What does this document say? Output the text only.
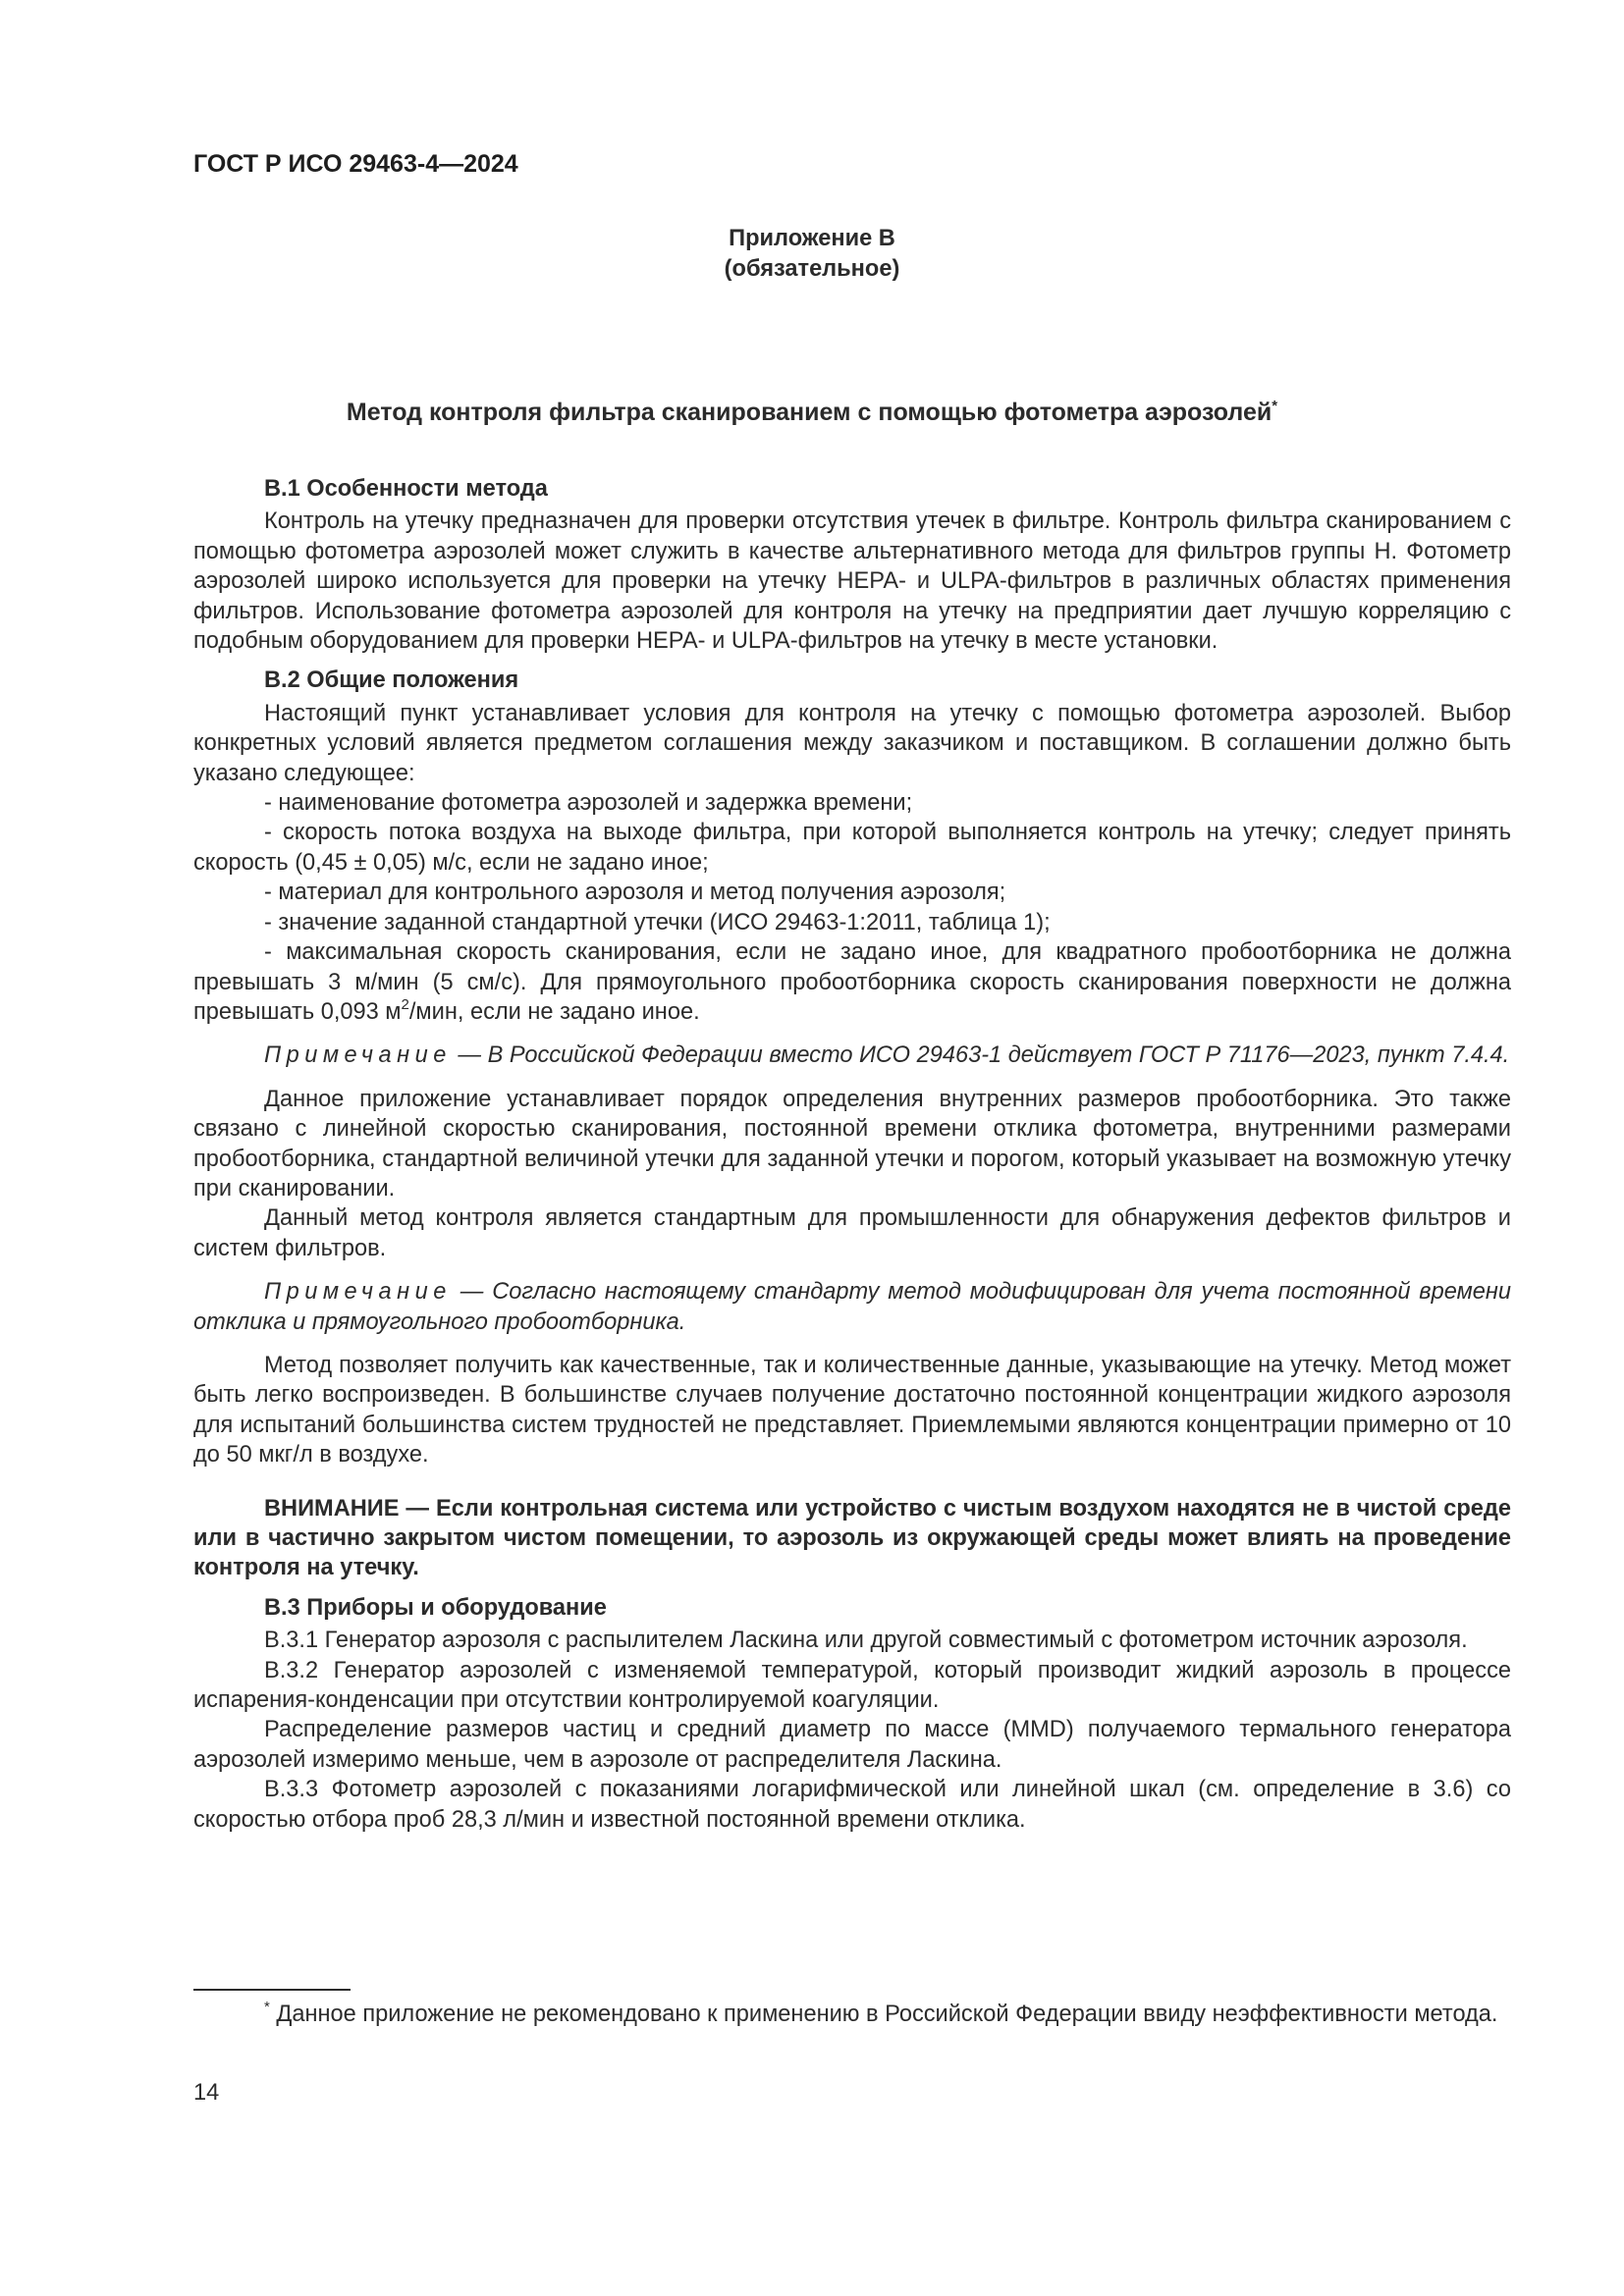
ГОСТ Р ИСО 29463-4—2024
Приложение B
(обязательное)
Метод контроля фильтра сканированием с помощью фотометра аэрозолей*
B.1 Особенности метода

Контроль на утечку предназначен для проверки отсутствия утечек в фильтре. Контроль фильтра сканированием с помощью фотометра аэрозолей может служить в качестве альтернативного метода для фильтров группы Н. Фотометр аэрозолей широко используется для проверки на утечку НЕРА- и ULPA-фильтров в различных областях применения фильтров. Использование фотометра аэрозолей для контроля на утечку на предприятии дает лучшую корреляцию с подобным оборудованием для проверки НЕРА- и ULPA-фильтров на утечку в месте установки.

B.2 Общие положения

Настоящий пункт устанавливает условия для контроля на утечку с помощью фотометра аэрозолей. Выбор конкретных условий является предметом соглашения между заказчиком и поставщиком. В соглашении должно быть указано следующее:

- наименование фотометра аэрозолей и задержка времени;

- скорость потока воздуха на выходе фильтра, при которой выполняется контроль на утечку; следует принять скорость (0,45 ± 0,05) м/с, если не задано иное;

- материал для контрольного аэрозоля и метод получения аэрозоля;

- значение заданной стандартной утечки (ИСО 29463-1:2011, таблица 1);

- максимальная скорость сканирования, если не задано иное, для квадратного пробоотборника не должна превышать 3 м/мин (5 см/с). Для прямоугольного пробоотборника скорость сканирования поверхности не должна превышать 0,093 $м^2$/мин, если не задано иное.

Примечание — В Российской Федерации вместо ИСО 29463-1 действует ГОСТ Р 71176—2023, пункт 7.4.4.

Данное приложение устанавливает порядок определения внутренних размеров пробоотборника. Это также связано с линейной скоростью сканирования, постоянной времени отклика фотометра, внутренними размерами пробоотборника, стандартной величиной утечки для заданной утечки и порогом, который указывает на возможную утечку при сканировании.

Данный метод контроля является стандартным для промышленности для обнаружения дефектов фильтров и систем фильтров.

Примечание — Согласно настоящему стандарту метод модифицирован для учета постоянной времени отклика и прямоугольного пробоотборника.

Метод позволяет получить как качественные, так и количественные данные, указывающие на утечку. Метод может быть легко воспроизведен. В большинстве случаев получение достаточно постоянной концентрации жидкого аэрозоля для испытаний большинства систем трудностей не представляет. Приемлемыми являются концентрации примерно от 10 до 50 мкг/л в воздухе.

ВНИМАНИЕ — Если контрольная система или устройство с чистым воздухом находятся не в чистой среде или в частично закрытом чистом помещении, то аэрозоль из окружающей среды может влиять на проведение контроля на утечку.

B.3 Приборы и оборудование

B.3.1 Генератор аэрозоля с распылителем Ласкина или другой совместимый с фотометром источник аэрозоля.

B.3.2 Генератор аэрозолей с изменяемой температурой, который производит жидкий аэрозоль в процессе испарения-конденсации при отсутствии контролируемой коагуляции.

Распределение размеров частиц и средний диаметр по массе (MMD) получаемого термального генератора аэрозолей измеримо меньше, чем в аэрозоле от распределителя Ласкина.

B.3.3 Фотометр аэрозолей с показаниями логарифмической или линейной шкал (см. определение в 3.6) со скоростью отбора проб 28,3 л/мин и известной постоянной времени отклика.

* Данное приложение не рекомендовано к применению в Российской Федерации ввиду неэффективности метода.
14
